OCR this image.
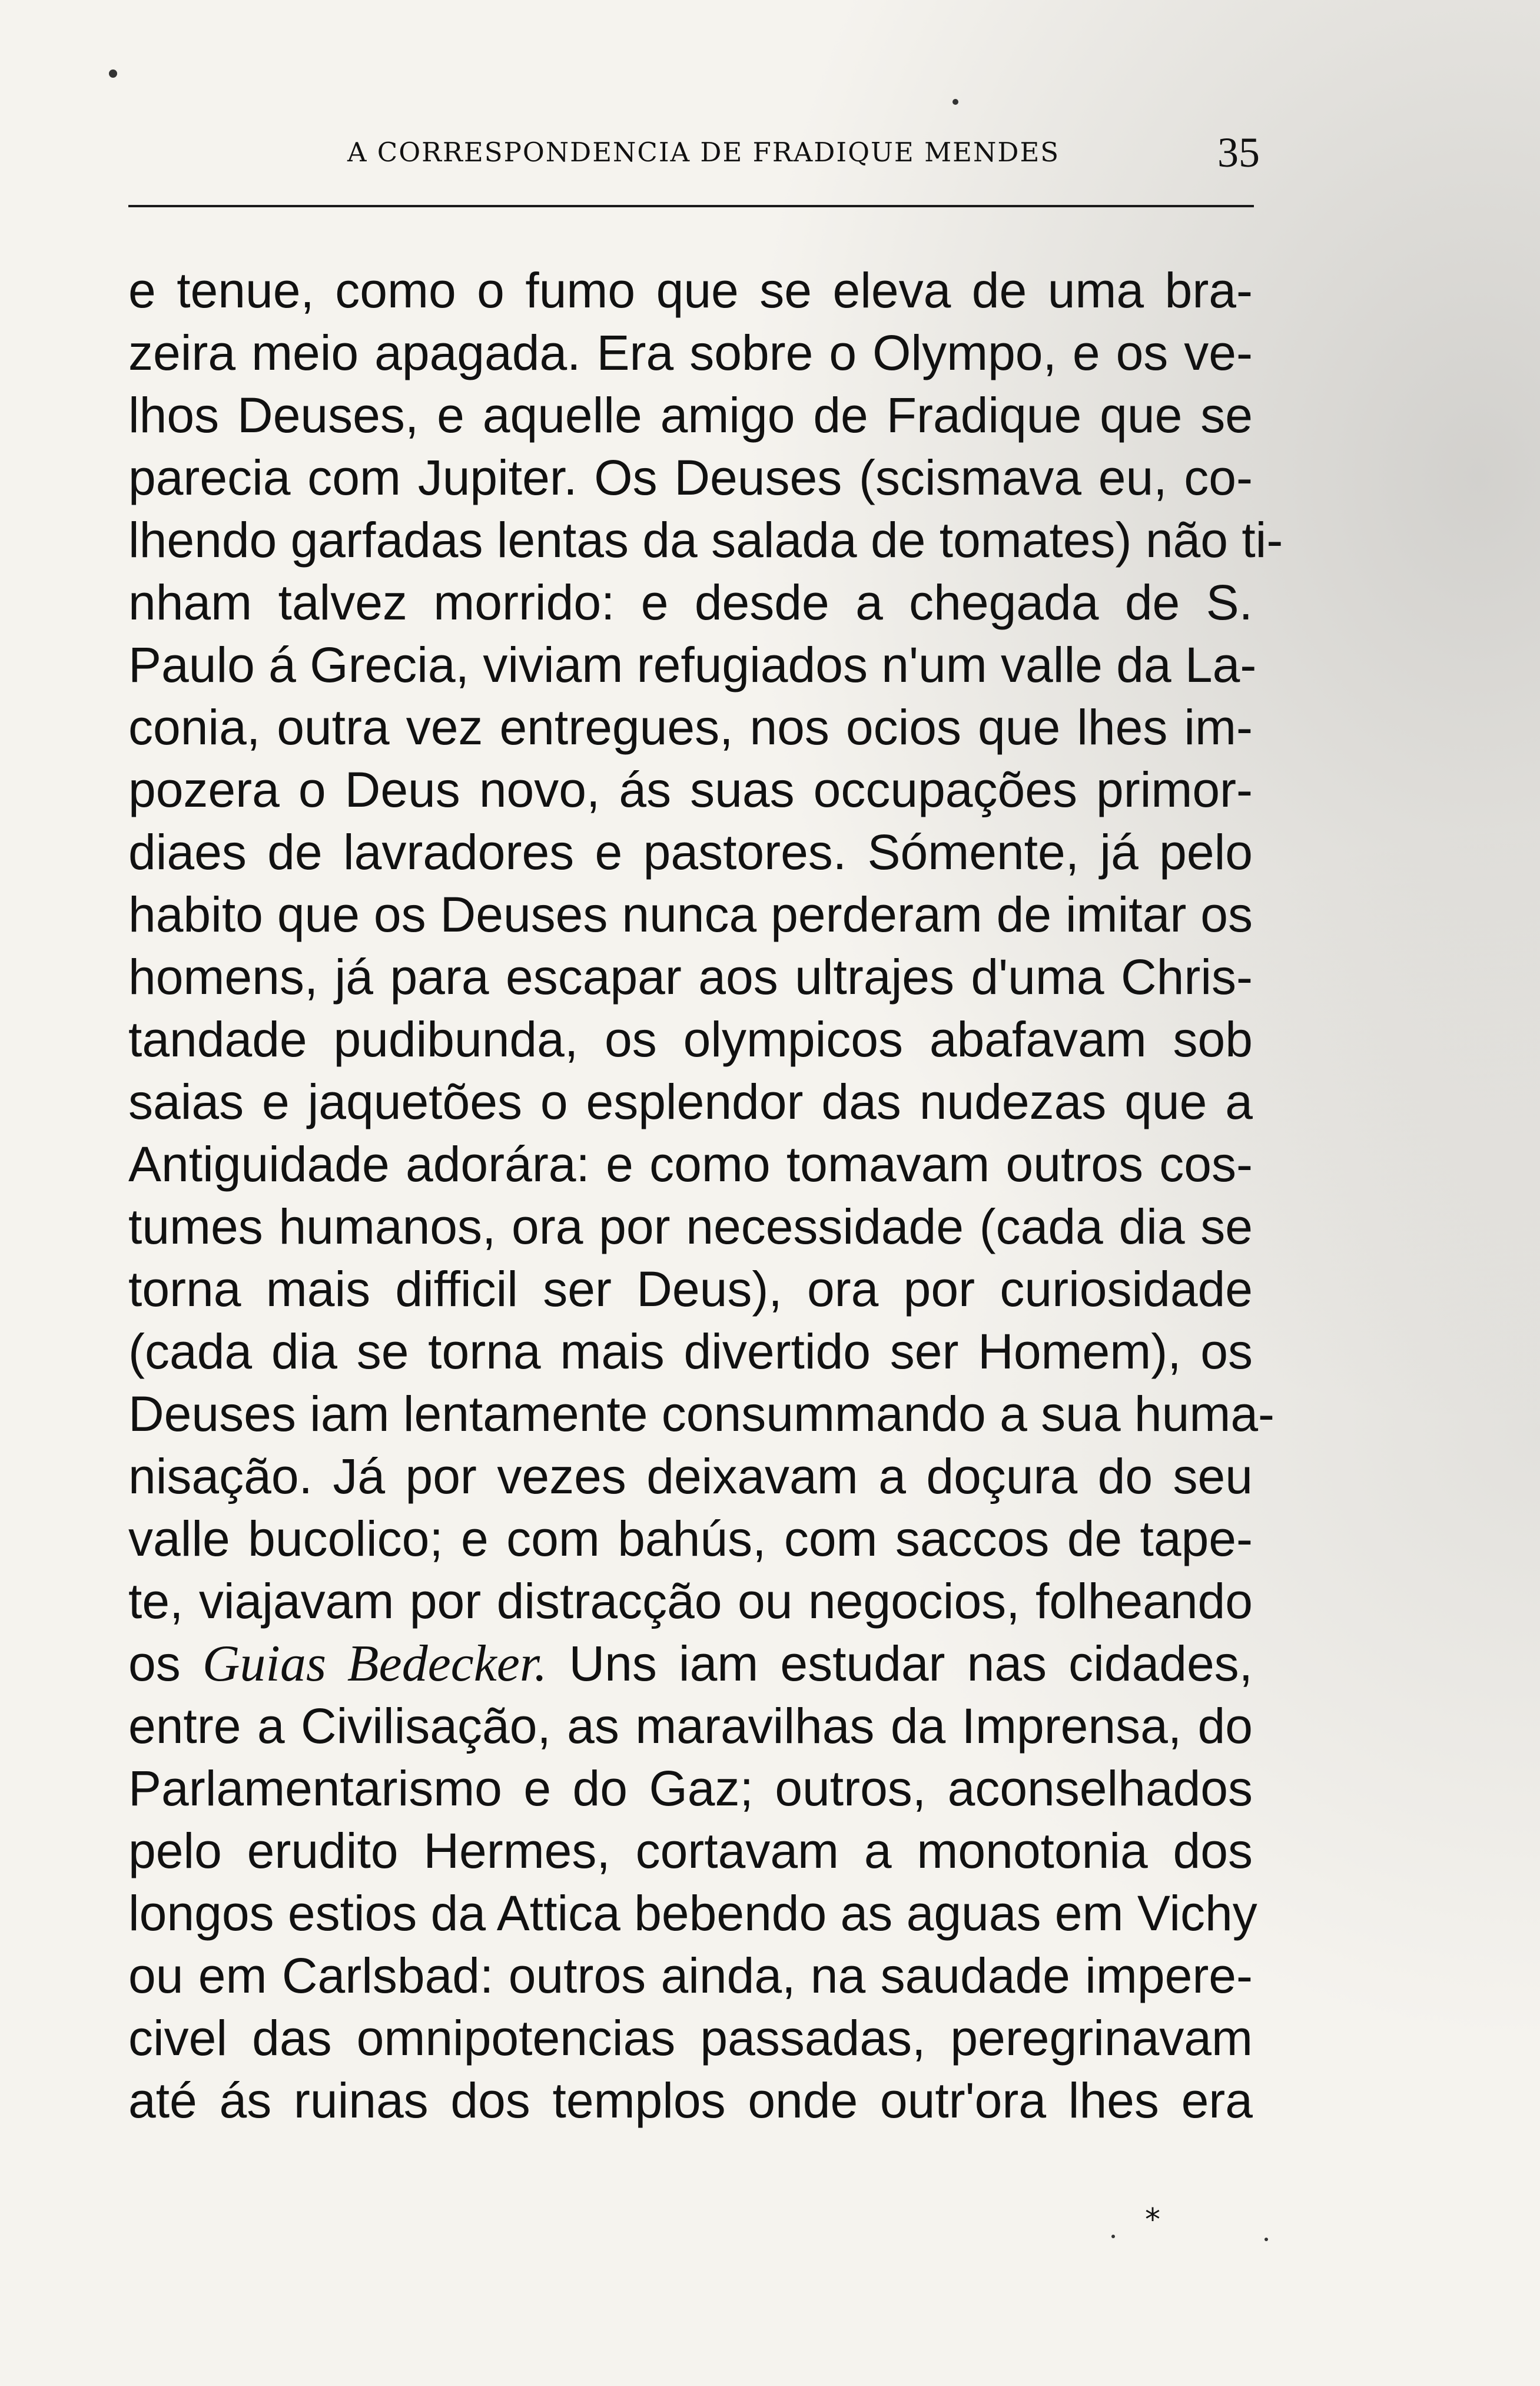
A CORRESPONDENCIA DE FRADIQUE MENDES	35
e tenue, como o fumo que se eleva de uma bra-
zeira meio apagada. Era sobre o Olympo, e os ve-
lhos Deuses, e aquelle amigo de Fradique que se
parecia com Jupiter. Os Deuses (scismava eu, co-
lhendo garfadas lentas da salada de tomates) não ti-
nham talvez morrido: e desde a chegada de S.
Paulo á Grecia, viviam refugiados n'um valle da La-
conia, outra vez entregues, nos ocios que lhes im-
pozera o Deus novo, ás suas occupações primor-
diaes de lavradores e pastores. Sómente, já pelo
habito que os Deuses nunca perderam de imitar os
homens, já para escapar aos ultrajes d'uma Chris-
tandade pudibunda, os olympicos abafavam sob
saias e jaquetões o esplendor das nudezas que a
Antiguidade adorára: e como tomavam outros cos-
tumes humanos, ora por necessidade (cada dia se
torna mais difficil ser Deus), ora por curiosidade
(cada dia se torna mais divertido ser Homem), os
Deuses iam lentamente consummando a sua huma-
nisação. Já por vezes deixavam a doçura do seu
valle bucolico; e com bahús, com saccos de tape-
te, viajavam por distracção ou negocios, folheando
os Guias Bedecker. Uns iam estudar nas cidades,
entre a Civilisação, as maravilhas da Imprensa, do
Parlamentarismo e do Gaz; outros, aconselhados
pelo erudito Hermes, cortavam a monotonia dos
longos estios da Attica bebendo as aguas em Vichy
ou em Carlsbad: outros ainda, na saudade impere-
civel das omnipotencias passadas, peregrinavam
até ás ruinas dos templos onde outr'ora lhes era
*
